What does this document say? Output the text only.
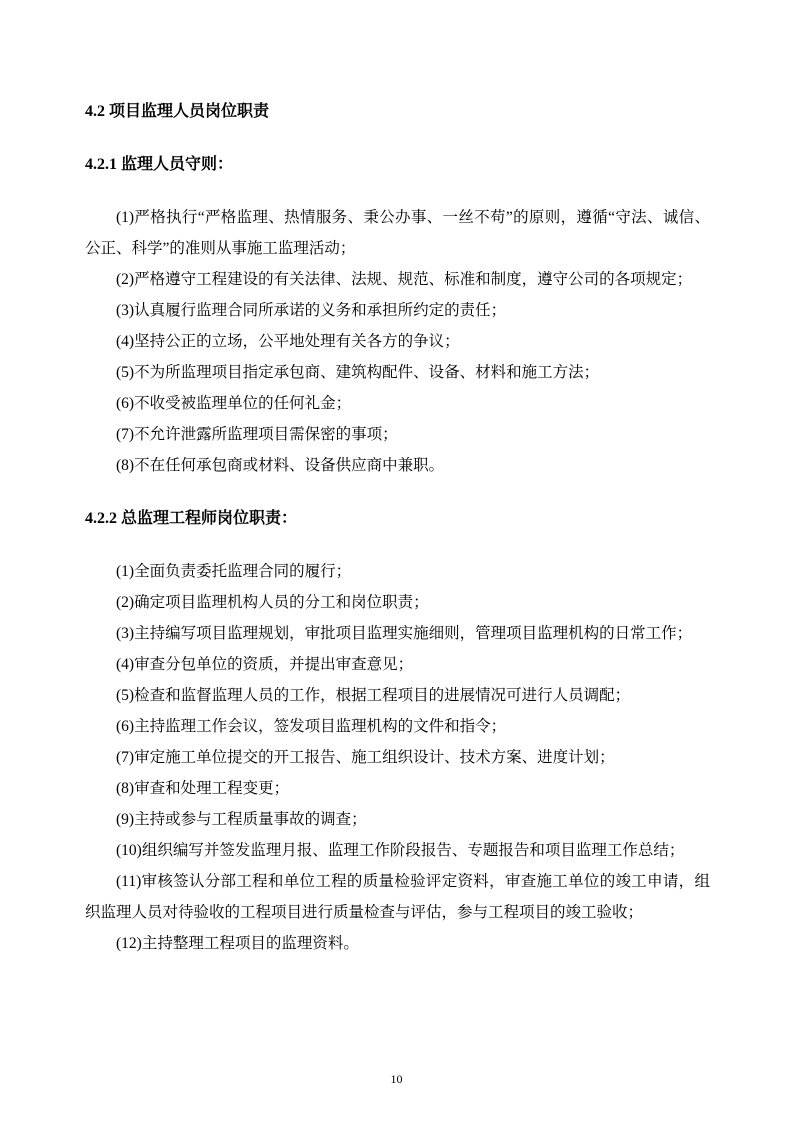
4.2 项目监理人员岗位职责
4.2.1 监理人员守则：

(1)严格执行“严格监理、热情服务、秉公办事、一丝不苟”的原则，遵循“守法、诚信、公正、科学”的准则从事施工监理活动；

(2)严格遵守工程建设的有关法律、法规、规范、标准和制度，遵守公司的各项规定；

(3)认真履行监理合同所承诺的义务和承担所约定的责任；

(4)坚持公正的立场，公平地处理有关各方的争议；

(5)不为所监理项目指定承包商、建筑构配件、设备、材料和施工方法；

(6)不收受被监理单位的任何礼金；

(7)不允许泄露所监理项目需保密的事项；

(8)不在任何承包商或材料、设备供应商中兼职。

4.2.2 总监理工程师岗位职责：

(1)全面负责委托监理合同的履行；

(2)确定项目监理机构人员的分工和岗位职责；

(3)主持编写项目监理规划，审批项目监理实施细则，管理项目监理机构的日常工作；

(4)审查分包单位的资质，并提出审查意见；

(5)检查和监督监理人员的工作，根据工程项目的进展情况可进行人员调配；

(6)主持监理工作会议，签发项目监理机构的文件和指令；

(7)审定施工单位提交的开工报告、施工组织设计、技术方案、进度计划；

(8)审查和处理工程变更；

(9)主持或参与工程质量事故的调查；

(10)组织编写并签发监理月报、监理工作阶段报告、专题报告和项目监理工作总结；

(11)审核签认分部工程和单位工程的质量检验评定资料，审查施工单位的竣工申请，组织监理人员对待验收的工程项目进行质量检查与评估，参与工程项目的竣工验收；

(12)主持整理工程项目的监理资料。

10
